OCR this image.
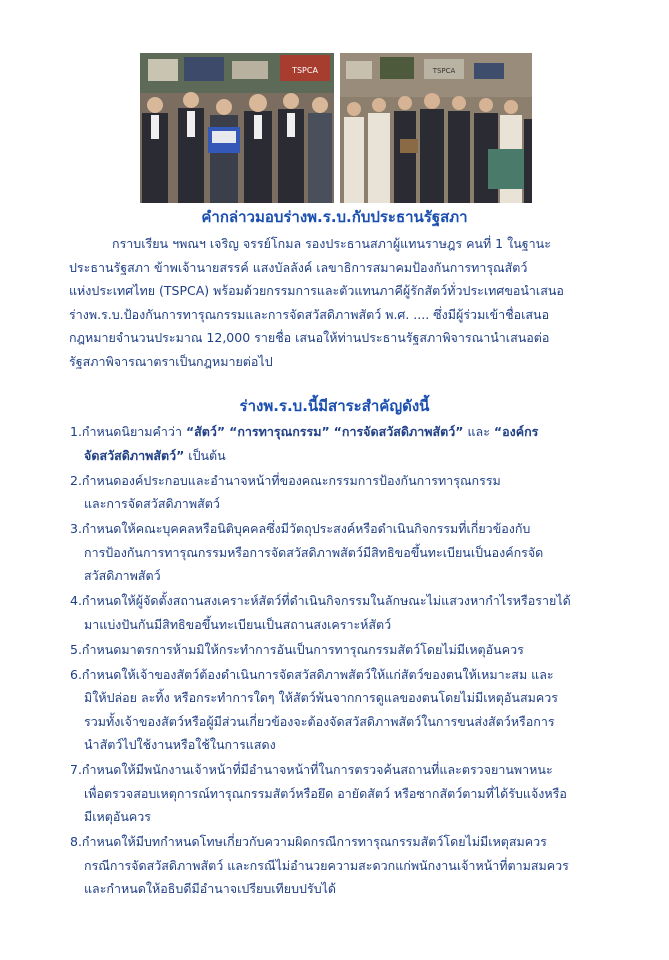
TSPCA	TSPCA
คำกล่าวมอบร่างพ.ร.บ.กับประธานรัฐสภา
กราบเรียน ฯพณฯ เจริญ จรรย์โกมล รองประธานสภาผู้แทนราษฎร คนที่ 1 ในฐานะ
ประธานรัฐสภา ข้าพเจ้านายสรรค์ แสงบัลลังค์ เลขาธิการสมาคมป้องกันการทารุณสัตว์
แห่งประเทศไทย (TSPCA) พร้อมด้วยกรรมการและตัวแทนภาคีผู้รักสัตว์ทั่วประเทศขอนำเสนอ
ร่างพ.ร.บ.ป้องกันการทารุณกรรมและการจัดสวัสดิภาพสัตว์ พ.ศ. .... ซึ่งมีผู้ร่วมเข้าชื่อเสนอ
กฎหมายจำนวนประมาณ 12,000 รายชื่อ เสนอให้ท่านประธานรัฐสภาพิจารณานำเสนอต่อ
รัฐสภาพิจารณาตราเป็นกฎหมายต่อไป
ร่างพ.ร.บ.นี้มีสาระสำคัญดังนี้
1.กำหนดนิยามคำว่า “สัตว์” “การทารุณกรรม” “การจัดสวัสดิภาพสัตว์” และ “องค์กร
จัดสวัสดิภาพสัตว์” เป็นต้น
2.กำหนดองค์ประกอบและอำนาจหน้าที่ของคณะกรรมการป้องกันการทารุณกรรม
และการจัดสวัสดิภาพสัตว์
3.กำหนดให้คณะบุคคลหรือนิติบุคคลซึ่งมีวัตถุประสงค์หรือดำเนินกิจกรรมที่เกี่ยวข้องกับ
การป้องกันการทารุณกรรมหรือการจัดสวัสดิภาพสัตว์มีสิทธิขอขึ้นทะเบียนเป็นองค์กรจัด
สวัสดิภาพสัตว์
4.กำหนดให้ผู้จัดตั้งสถานสงเคราะห์สัตว์ที่ดำเนินกิจกรรมในลักษณะไม่แสวงหากำไรหรือรายได้
มาแบ่งปันกันมีสิทธิขอขึ้นทะเบียนเป็นสถานสงเคราะห์สัตว์
5.กำหนดมาตรการห้ามมิให้กระทำการอันเป็นการทารุณกรรมสัตว์โดยไม่มีเหตุอันควร
6.กำหนดให้เจ้าของสัตว์ต้องดำเนินการจัดสวัสดิภาพสัตว์ให้แก่สัตว์ของตนให้เหมาะสม และ
มิให้ปล่อย ละทิ้ง หรือกระทำการใดๆ ให้สัตว์พ้นจากการดูแลของตนโดยไม่มีเหตุอันสมควร
รวมทั้งเจ้าของสัตว์หรือผู้มีส่วนเกี่ยวข้องจะต้องจัดสวัสดิภาพสัตว์ในการขนส่งสัตว์หรือการ
นำสัตว์ไปใช้งานหรือใช้ในการแสดง
7.กำหนดให้มีพนักงานเจ้าหน้าที่มีอำนาจหน้าที่ในการตรวจค้นสถานที่และตรวจยานพาหนะ
เพื่อตรวจสอบเหตุการณ์ทารุณกรรมสัตว์หรือยึด อายัดสัตว์ หรือซากสัตว์ตามที่ได้รับแจ้งหรือ
มีเหตุอันควร
8.กำหนดให้มีบทกำหนดโทษเกี่ยวกับความผิดกรณีการทารุณกรรมสัตว์โดยไม่มีเหตุสมควร
กรณีการจัดสวัสดิภาพสัตว์ และกรณีไม่อำนวยความสะดวกแก่พนักงานเจ้าหน้าที่ตามสมควร
และกำหนดให้อธิบดีมีอำนาจเปรียบเทียบปรับได้
